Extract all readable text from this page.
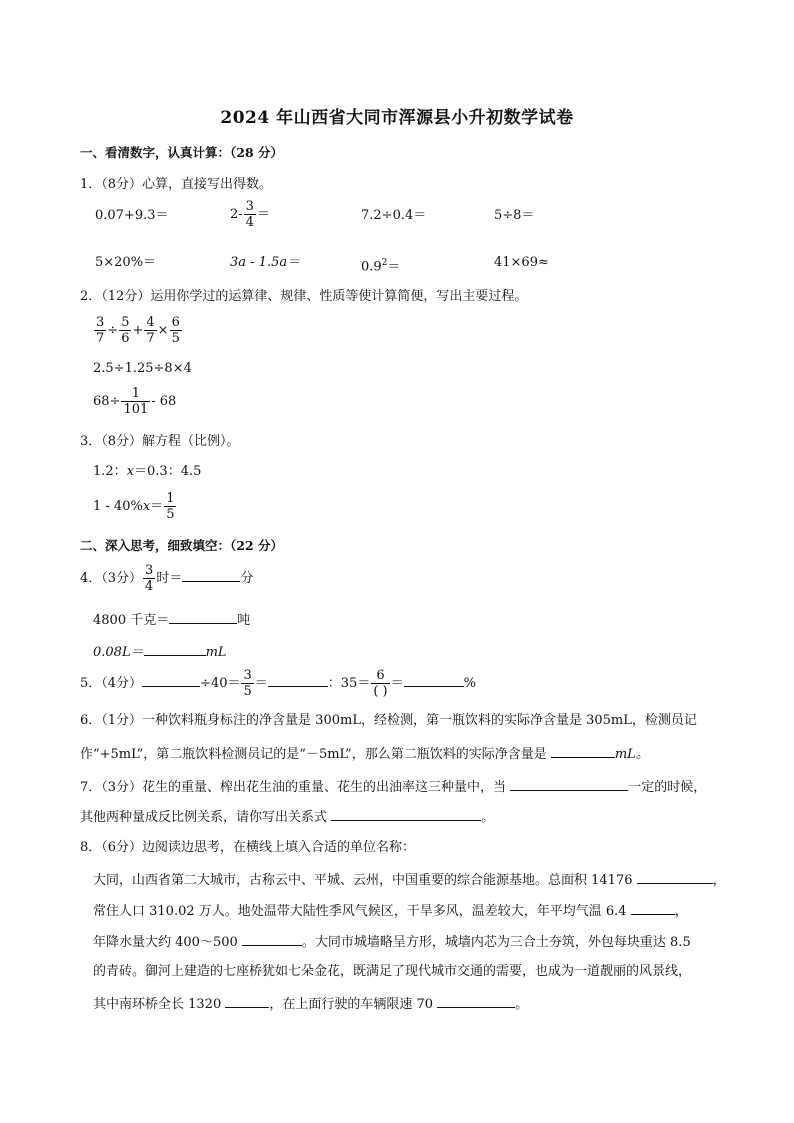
2024 年山西省大同市浑源县小升初数学试卷
一、看清数字，认真计算：（28 分）
1．（8分）心算，直接写出得数。
0.07+9.3＝	$2- \frac{3}{4}$ ＝	7.2÷0.4＝	5÷8＝
5×20%＝	3a - 1.5a＝	$0.9^2=$	41×69≈
2．（12分）运用你学过的运算律、规律、性质等使计算简便，写出主要过程。
$\frac{3}{7} \div \frac{5}{6} + \frac{4}{7} \times \frac{6}{5}$
2.5÷1.25÷8×4
$68\div \frac{1}{101} - 68$
3．（8分）解方程（比例）。
1.2：x＝0.3：4.5
$1 - 40\%x= \frac{1}{5}$
二、深入思考，细致填空：（22 分）
4．（3分） $\frac{3}{4}$ 时＝	分
4800 千克＝	吨
0.08L＝	mL
5．（4分）	$\div 40= \frac{3}{5}$ ＝	：$35= \frac{6}{( )}$ ＝	%
6．（1分）一种饮料瓶身标注的净含量是 300mL，经检测，第一瓶饮料的实际净含量是 305mL，检测员记
作“+5mL”，第二瓶饮料检测员记的是“－5mL”，那么第二瓶饮料的实际净含量是	mL。
7．（3分）花生的重量、榨出花生油的重量、花生的出油率这三种量中，当	一定的时候，
其他两种量成反比例关系，请你写出关系式	。
8．（6分）边阅读边思考，在横线上填入合适的单位名称：
大同，山西省第二大城市，古称云中、平城、云州，中国重要的综合能源基地。总面积 14176	，
常住人口 310.02 万人。地处温带大陆性季风气候区，干旱多风，温差较大，年平均气温 6.4	，
年降水量大约 400～500	。大同市城墙略呈方形，城墙内芯为三合土夯筑，外包每块重达 8.5
的青砖。御河上建造的七座桥犹如七朵金花，既满足了现代城市交通的需要，也成为一道靓丽的风景线，
其中南环桥全长 1320	，在上面行驶的车辆限速 70	。
